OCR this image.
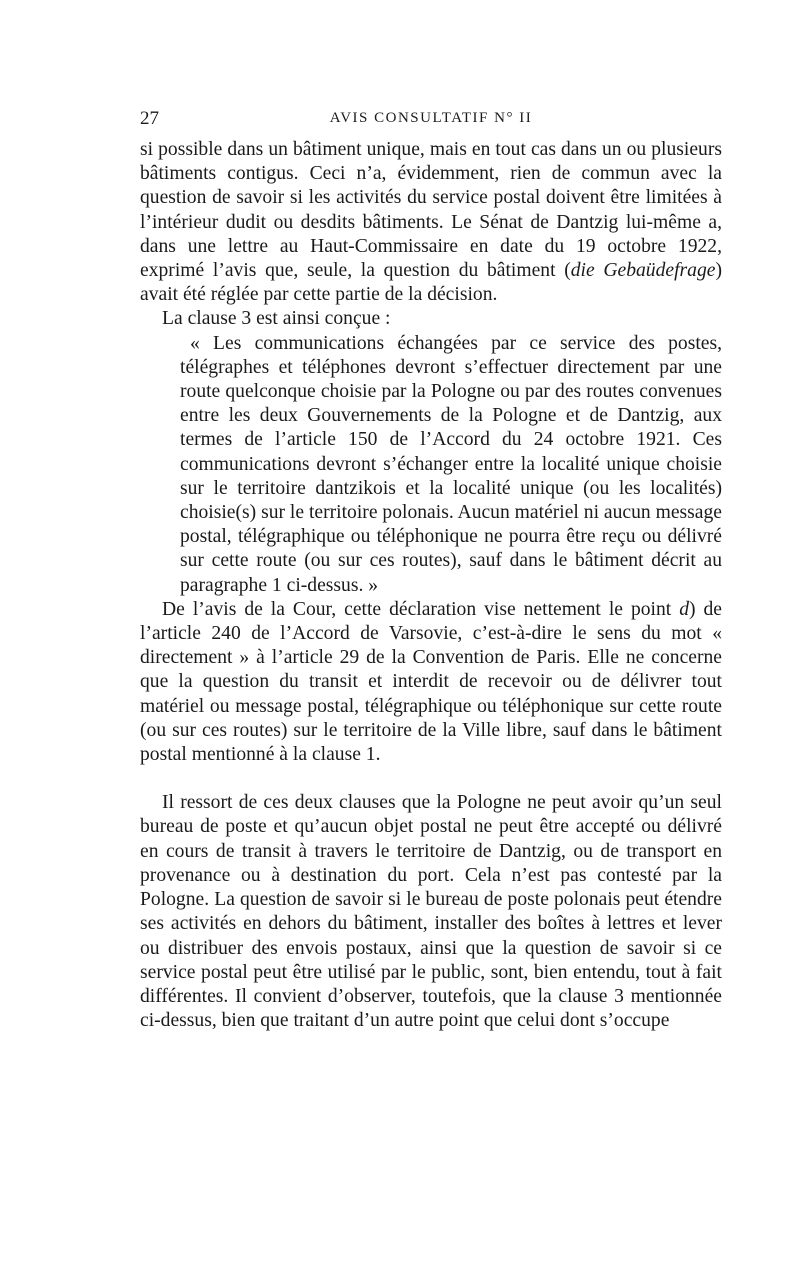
27	AVIS CONSULTATIF N° II

si possible dans un bâtiment unique, mais en tout cas dans un ou plusieurs bâtiments contigus. Ceci n’a, évidemment, rien de commun avec la question de savoir si les activités du service postal doivent être limitées à l’intérieur dudit ou desdits bâtiments. Le Sénat de Dantzig lui-même a, dans une lettre au Haut-Commissaire en date du 19 octobre 1922, exprimé l’avis que, seule, la question du bâtiment (die Gebaüdefrage) avait été réglée par cette partie de la décision.

La clause 3 est ainsi conçue :

« Les communications échangées par ce service des postes, télégraphes et téléphones devront s’effectuer directement par une route quelconque choisie par la Pologne ou par des routes convenues entre les deux Gouvernements de la Pologne et de Dantzig, aux termes de l’article 150 de l’Accord du 24 octobre 1921. Ces communications devront s’échanger entre la localité unique choisie sur le territoire dantzikois et la localité unique (ou les localités) choisie(s) sur le territoire polonais. Aucun matériel ni aucun message postal, télégraphique ou téléphonique ne pourra être reçu ou délivré sur cette route (ou sur ces routes), sauf dans le bâtiment décrit au paragraphe 1 ci-dessus. »

De l’avis de la Cour, cette déclaration vise nettement le point d) de l’article 240 de l’Accord de Varsovie, c’est-à-dire le sens du mot « directement » à l’article 29 de la Convention de Paris. Elle ne concerne que la question du transit et interdit de recevoir ou de délivrer tout matériel ou message postal, télégraphique ou téléphonique sur cette route (ou sur ces routes) sur le territoire de la Ville libre, sauf dans le bâtiment postal mentionné à la clause 1.

Il ressort de ces deux clauses que la Pologne ne peut avoir qu’un seul bureau de poste et qu’aucun objet postal ne peut être accepté ou délivré en cours de transit à travers le territoire de Dantzig, ou de transport en provenance ou à destination du port. Cela n’est pas contesté par la Pologne. La question de savoir si le bureau de poste polonais peut étendre ses activités en dehors du bâtiment, installer des boîtes à lettres et lever ou distribuer des envois postaux, ainsi que la question de savoir si ce service postal peut être utilisé par le public, sont, bien entendu, tout à fait différentes. Il convient d’observer, toutefois, que la clause 3 mentionnée ci-dessus, bien que traitant d’un autre point que celui dont s’occupe
